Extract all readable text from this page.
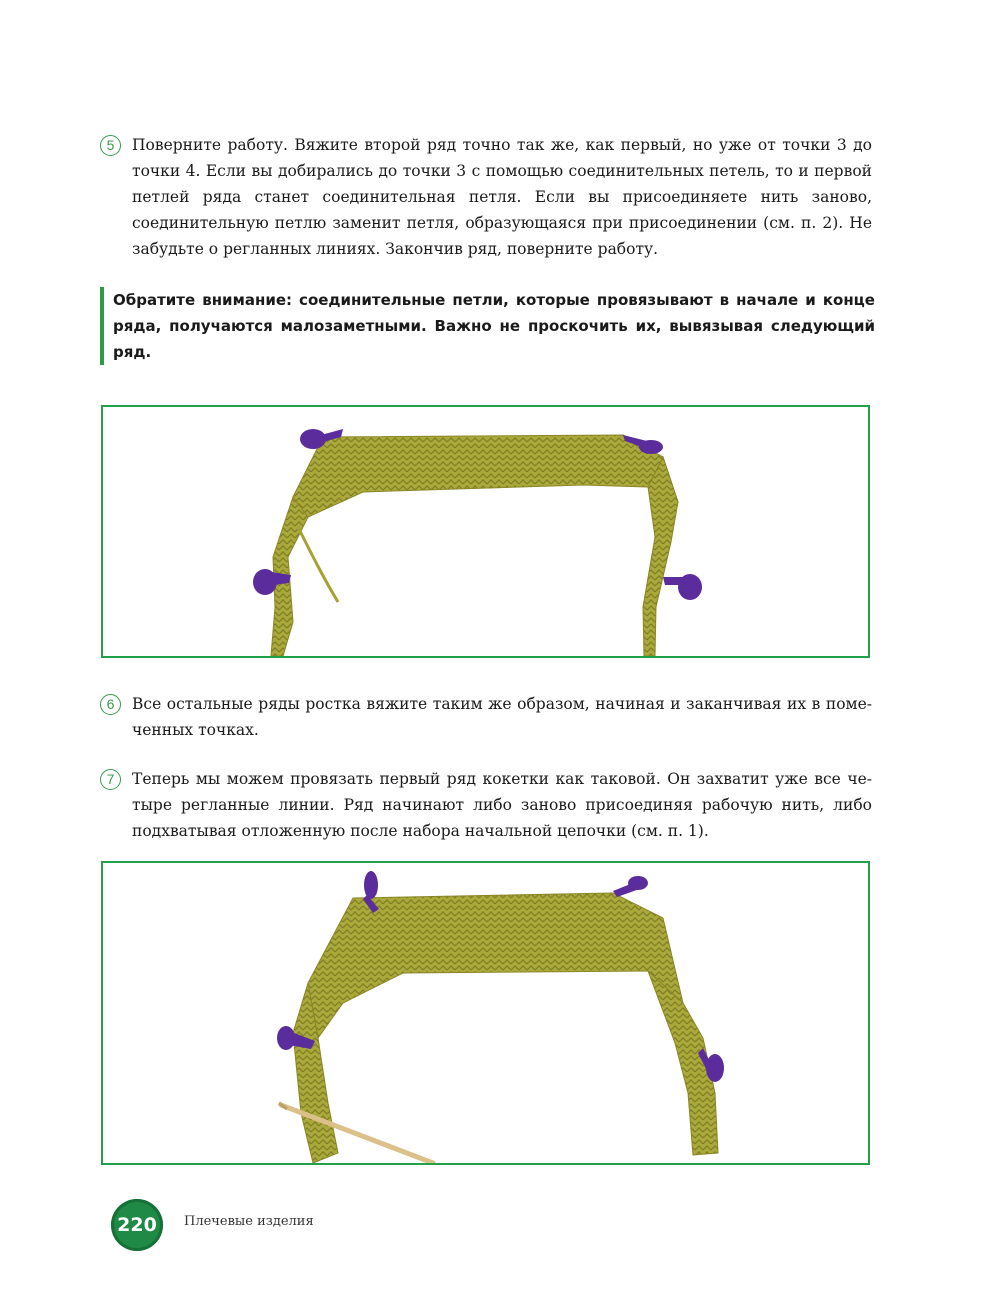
5	Поверните работу. Вяжите второй ряд точно так же, как первый, но уже от точки 3 до точки 4. Если вы добирались до точки 3 с помощью соединительных петель, то и первой петлей ряда станет соединительная петля. Если вы присоединяете нить заново, соединительную петлю заменит петля, образующаяся при присоединении (см. п. 2). Не забудьте о регланных линиях. Закончив ряд, поверните работу.
Обратите внимание: соединительные петли, которые провязывают в начале и конце ряда, получаются малозаметными. Важно не проскочить их, вывязывая следующий ряд.
6	Все остальные ряды ростка вяжите таким же образом, начиная и заканчивая их в помеченных точках.
7	Теперь мы можем провязать первый ряд кокетки как таковой. Он захватит уже все четыре регланные линии. Ряд начинают либо заново присоединяя рабочую нить, либо подхватывая отложенную после набора начальной цепочки (см. п. 1).
220	Плечевые изделия
